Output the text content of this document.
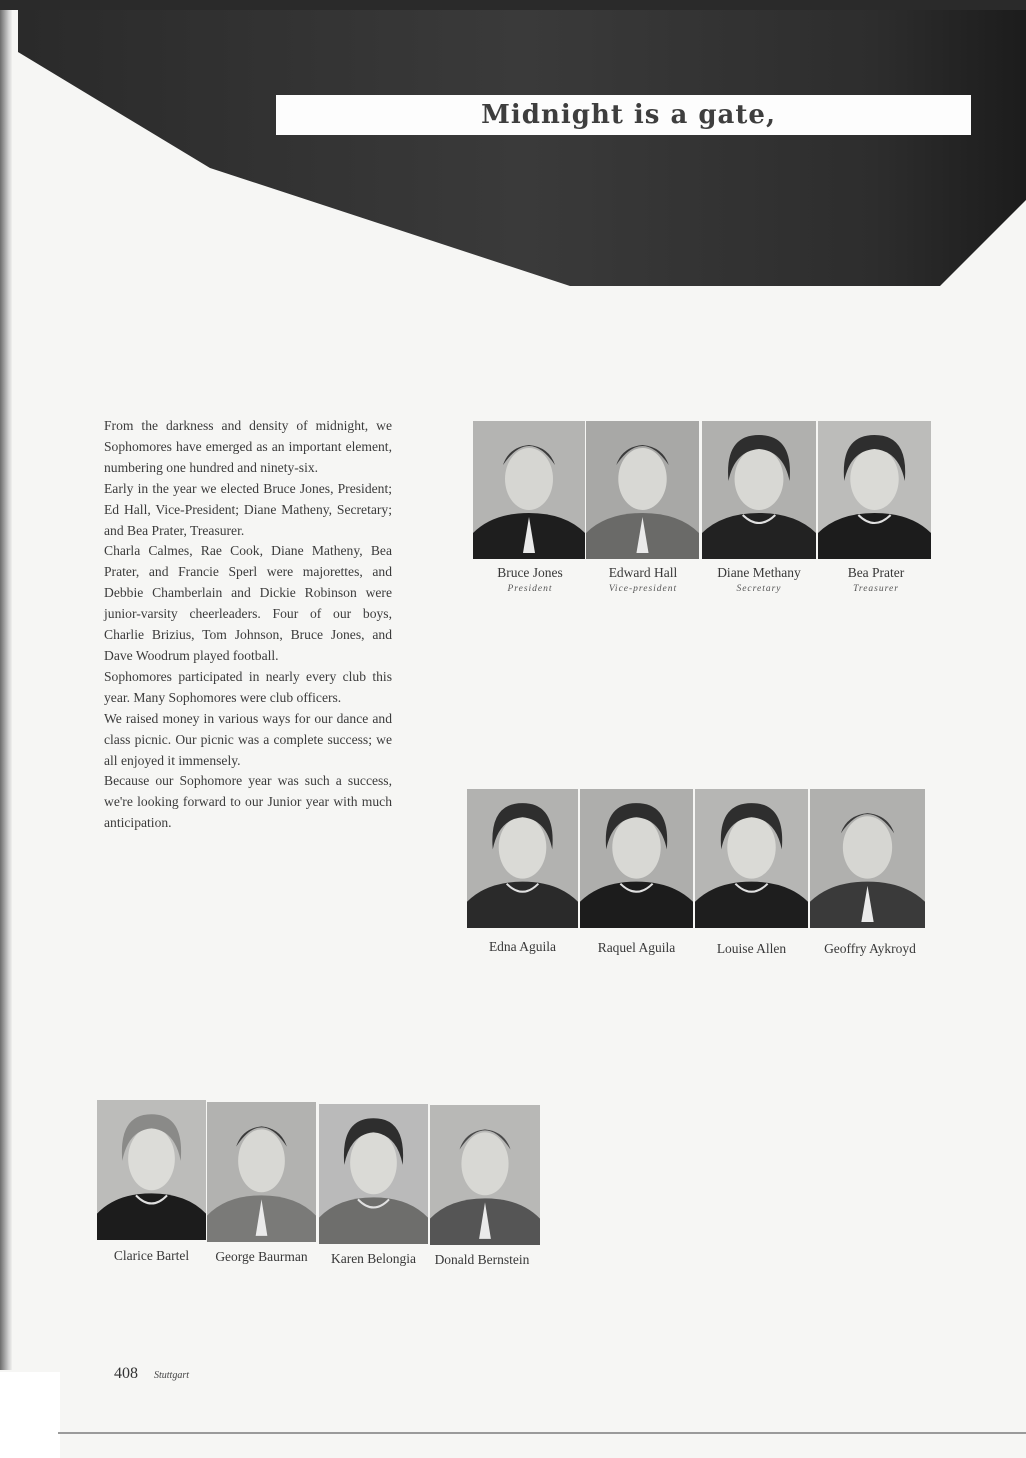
Midnight is a gate,

From the darkness and density of midnight, we Sophomores have emerged as an important element, numbering one hundred and ninety-six.

Early in the year we elected Bruce Jones, President; Ed Hall, Vice-President; Diane Matheny, Secretary; and Bea Prater, Treasurer.

Charla Calmes, Rae Cook, Diane Matheny, Bea Prater, and Francie Sperl were majorettes, and Debbie Chamberlain and Dickie Robinson were junior-varsity cheerleaders. Four of our boys, Charlie Brizius, Tom Johnson, Bruce Jones, and Dave Woodrum played football.

Sophomores participated in nearly every club this year. Many Sophomores were club officers.

We raised money in various ways for our dance and class picnic. Our picnic was a complete success; we all enjoyed it immensely.

Because our Sophomore year was such a success, we're looking forward to our Junior year with much anticipation.

Bruce Jones	Edward Hall	Diane Methany	Bea Prater
President	Vice-president	Secretary	Treasurer
Edna Aguila	Raquel Aguila	Louise Allen	Geoffry Aykroyd
Clarice Bartel	George Baurman	Karen Belongia	Donald Bernstein
408 Stuttgart
